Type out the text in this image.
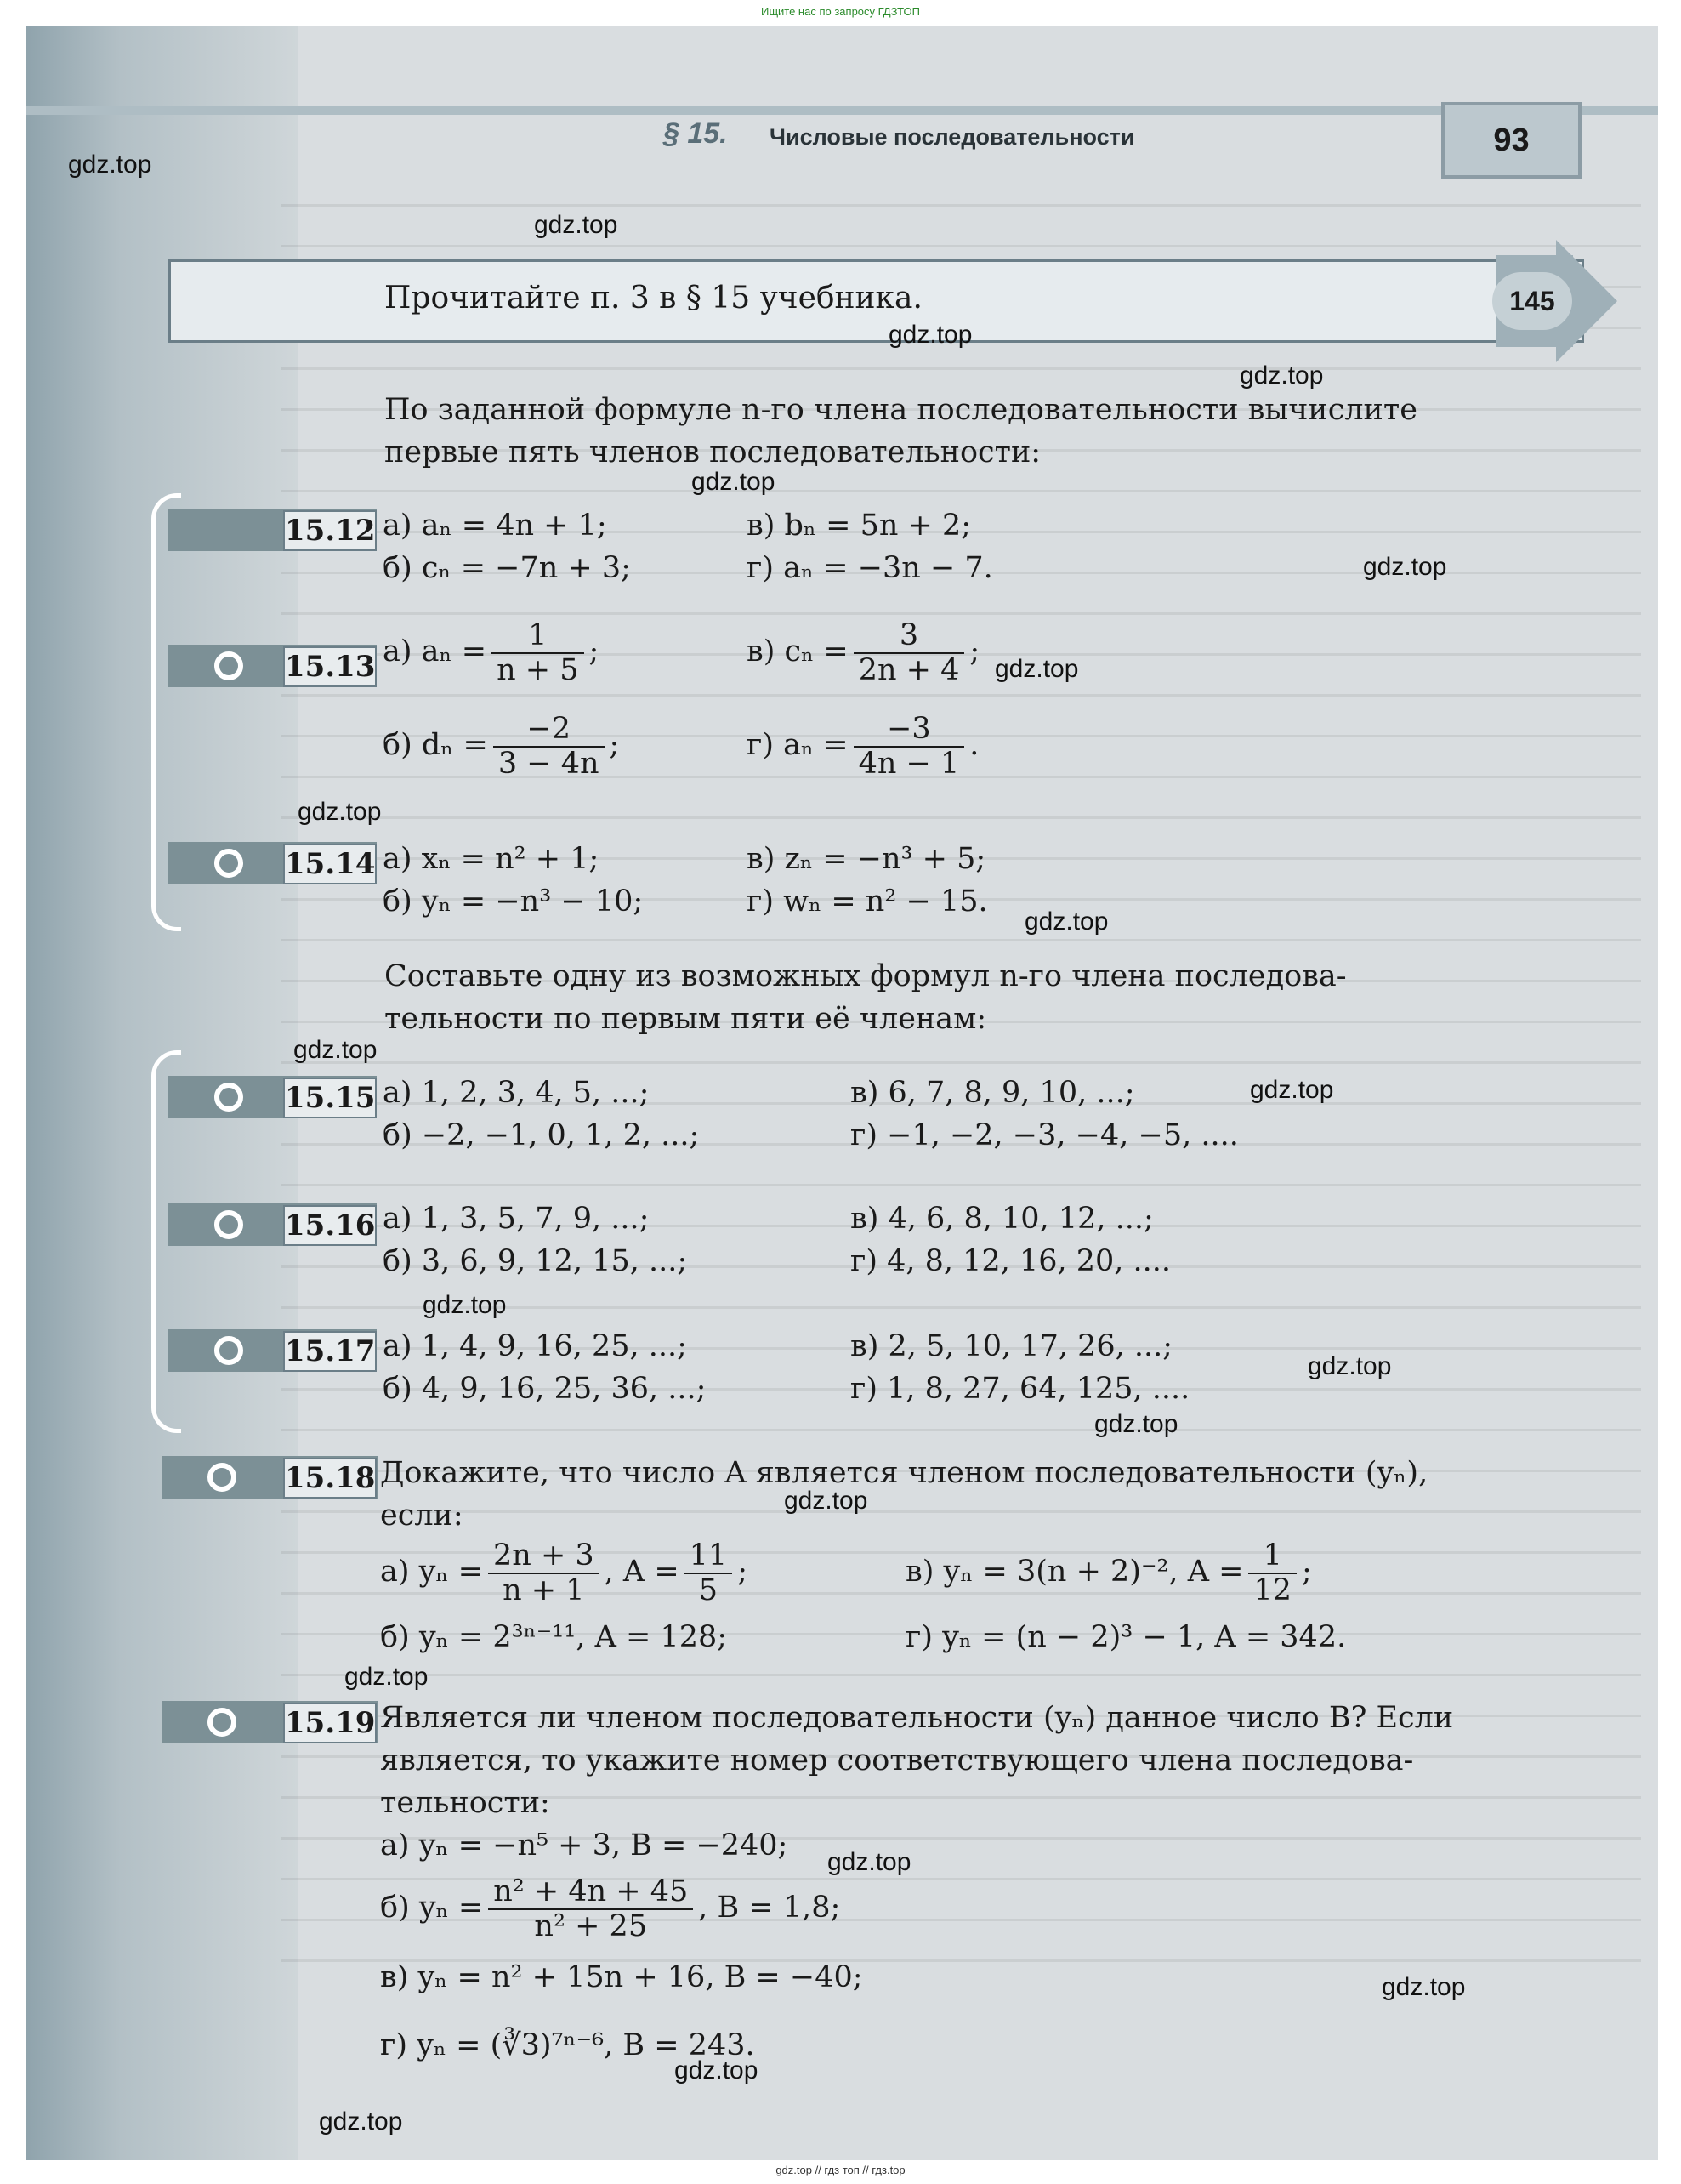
Ищите нас по запросу ГДЗТОП
§ 15. Числовые последовательности	93
Прочитайте п. 3 в § 15 учебника.	145
По заданной формуле n-го члена последовательности вычислите
первые пять членов последовательности:
15.12 а) aₙ = 4n + 1;	в) bₙ = 5n + 2;
б) cₙ = −7n + 3;	г) aₙ = −3n − 7.
15.13 а) $a_n = \frac{1}{n + 5}$ ;	в) $c_n = \frac{3}{2n + 4}$ ;
б) $d_n = \frac{-2}{3 - 4n}$ ;	г) $a_n = \frac{-3}{4n - 1}$ .
15.14 а) xₙ = n² + 1;	в) zₙ = −n³ + 5;
б) yₙ = −n³ − 10;	г) wₙ = n² − 15.
Составьте одну из возможных формул n-го члена последова-
тельности по первым пяти её членам:
15.15 а) 1, 2, 3, 4, 5, ...;	в) 6, 7, 8, 9, 10, ...;
б) −2, −1, 0, 1, 2, ...;	г) −1, −2, −3, −4, −5, ....
15.16 а) 1, 3, 5, 7, 9, ...;	в) 4, 6, 8, 10, 12, ...;
б) 3, 6, 9, 12, 15, ...;	г) 4, 8, 12, 16, 20, ....
15.17 а) 1, 4, 9, 16, 25, ...;	в) 2, 5, 10, 17, 26, ...;
б) 4, 9, 16, 25, 36, ...;	г) 1, 8, 27, 64, 125, ....
15.18 Докажите, что число A является членом последовательности (yₙ),
если:
а) $y_n = \frac{2n + 3}{n + 1}$ , $A = \frac{11}{5}$ ;	в) yₙ = 3(n + 2)⁻², $A = \frac{1}{12}$ ;
б) yₙ = 2³ⁿ⁻¹¹, A = 128;	г) yₙ = (n − 2)³ − 1, A = 342.
15.19 Является ли членом последовательности (yₙ) данное число B? Если
является, то укажите номер соответствующего члена последова-
тельности:
а) yₙ = −n⁵ + 3, B = −240;
б) $y_n = \frac{\text{n² + 4n + 45}}{\text{n² + 25}}$ , B = 1,8;
в) yₙ = n² + 15n + 16, B = −40;
г) yₙ = (∛3)⁷ⁿ⁻⁶, B = 243.
gdz.top
gdz.top
gdz.top
gdz.top
gdz.top
gdz.top
gdz.top
gdz.top
gdz.top
gdz.top
gdz.top
gdz.top
gdz.top
gdz.top
gdz.top
gdz.top
gdz.top
gdz.top
gdz.top
gdz.top
gdz.top // гдз топ // гдз.top
